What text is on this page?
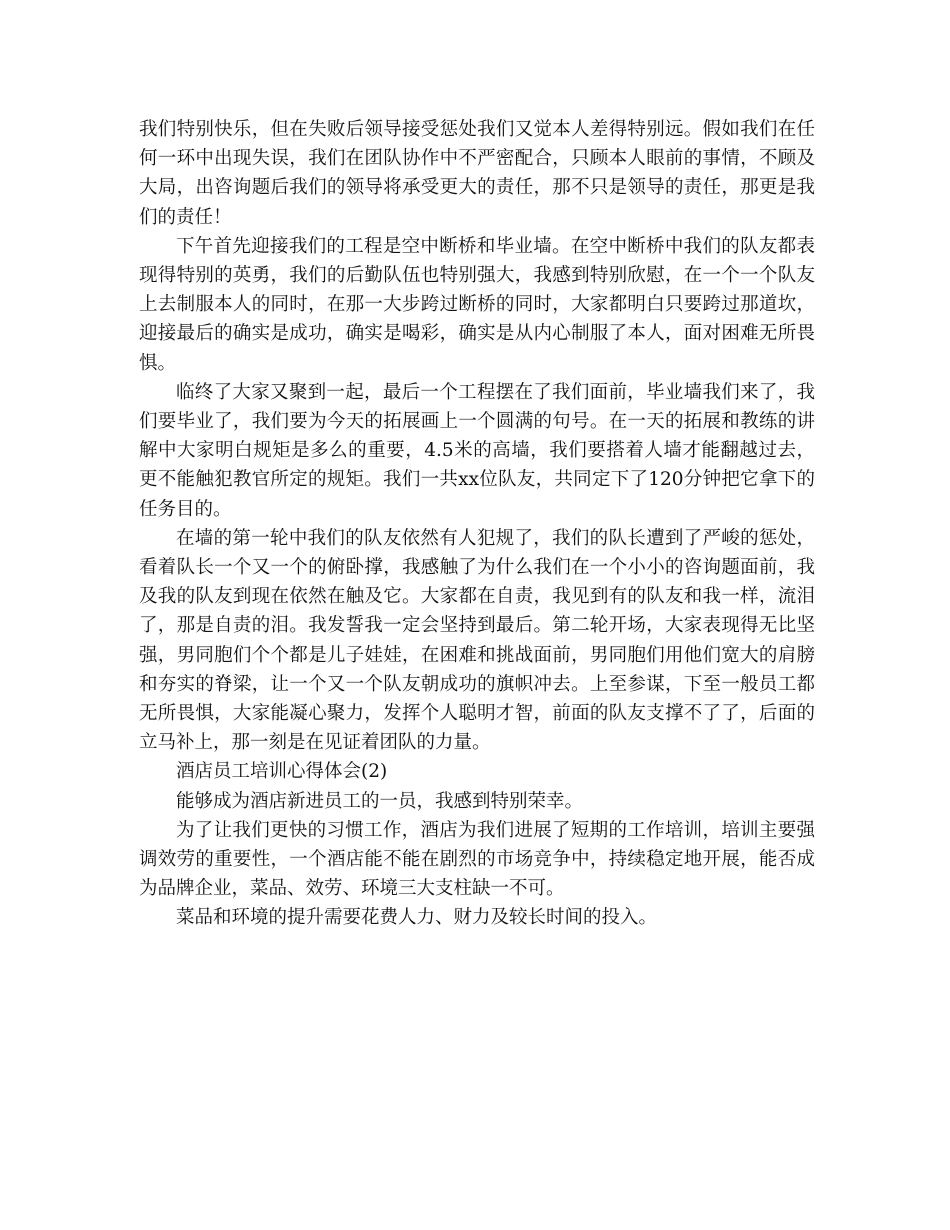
我们特别快乐，但在失败后领导接受惩处我们又觉本人差得特别远。假如我们在任何一环中出现失误，我们在团队协作中不严密配合，只顾本人眼前的事情，不顾及大局，出咨询题后我们的领导将承受更大的责任，那不只是领导的责任，那更是我们的责任！

下午首先迎接我们的工程是空中断桥和毕业墙。在空中断桥中我们的队友都表现得特别的英勇，我们的后勤队伍也特别强大，我感到特别欣慰，在一个一个队友上去制服本人的同时，在那一大步跨过断桥的同时，大家都明白只要跨过那道坎，迎接最后的确实是成功，确实是喝彩，确实是从内心制服了本人，面对困难无所畏惧。

临终了大家又聚到一起，最后一个工程摆在了我们面前，毕业墙我们来了，我们要毕业了，我们要为今天的拓展画上一个圆满的句号。在一天的拓展和教练的讲解中大家明白规矩是多么的重要，4.5米的高墙，我们要搭着人墙才能翻越过去，更不能触犯教官所定的规矩。我们一共xx位队友，共同定下了120分钟把它拿下的任务目的。

在墙的第一轮中我们的队友依然有人犯规了，我们的队长遭到了严峻的惩处，看着队长一个又一个的俯卧撑，我感触了为什么我们在一个小小的咨询题面前，我及我的队友到现在依然在触及它。大家都在自责，我见到有的队友和我一样，流泪了，那是自责的泪。我发誓我一定会坚持到最后。第二轮开场，大家表现得无比坚强，男同胞们个个都是儿子娃娃，在困难和挑战面前，男同胞们用他们宽大的肩膀和夯实的脊梁，让一个又一个队友朝成功的旗帜冲去。上至参谋，下至一般员工都无所畏惧，大家能凝心聚力，发挥个人聪明才智，前面的队友支撑不了了，后面的立马补上，那一刻是在见证着团队的力量。

酒店员工培训心得体会(2)

能够成为酒店新进员工的一员，我感到特别荣幸。

为了让我们更快的习惯工作，酒店为我们进展了短期的工作培训，培训主要强调效劳的重要性，一个酒店能不能在剧烈的市场竞争中，持续稳定地开展，能否成为品牌企业，菜品、效劳、环境三大支柱缺一不可。

菜品和环境的提升需要花费人力、财力及较长时间的投入。
